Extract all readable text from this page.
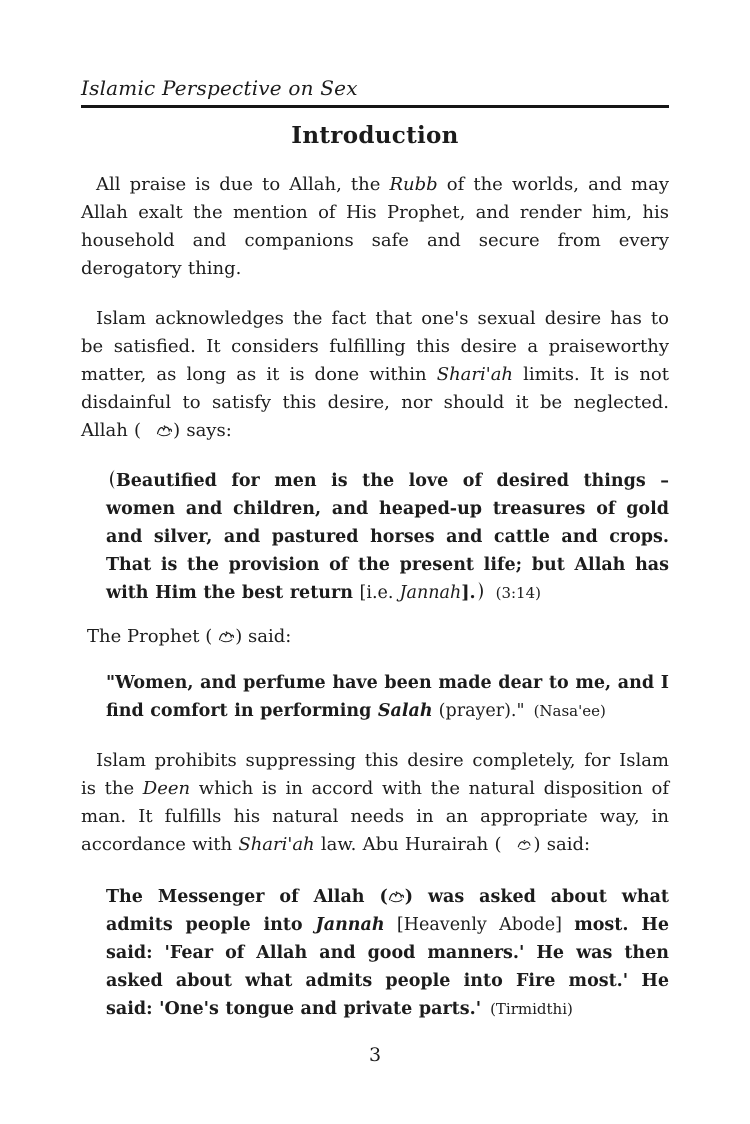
Islamic Perspective on Sex
Introduction

All praise is due to Allah, the Rubb of the worlds, and may Allah exalt the mention of His Prophet, and render him, his household and companions safe and secure from every derogatory thing.

Islam acknowledges the fact that one's sexual desire has to be satisfied. It considers fulfilling this desire a praiseworthy matter, as long as it is done within Shari'ah limits. It is not disdainful to satisfy this desire, nor should it be neglected. Allah ( ) says:

Beautified for men is the love of desired things – women and children, and heaped-up treasures of gold and silver, and pastured horses and cattle and crops. That is the provision of the present life; but Allah has with Him the best return [i.e. Jannah]. (3:14)

The Prophet ( ) said:

"Women, and perfume have been made dear to me, and I find comfort in performing Salah (prayer)." (Nasa'ee)

Islam prohibits suppressing this desire completely, for Islam is the Deen which is in accord with the natural disposition of man. It fulfills his natural needs in an appropriate way, in accordance with Shari'ah law. Abu Hurairah ( ) said:

The Messenger of Allah ( ) was asked about what admits people into Jannah [Heavenly Abode] most. He said: 'Fear of Allah and good manners.' He was then asked about what admits people into Fire most.' He said: 'One's tongue and private parts.' (Tirmidthi)

3
